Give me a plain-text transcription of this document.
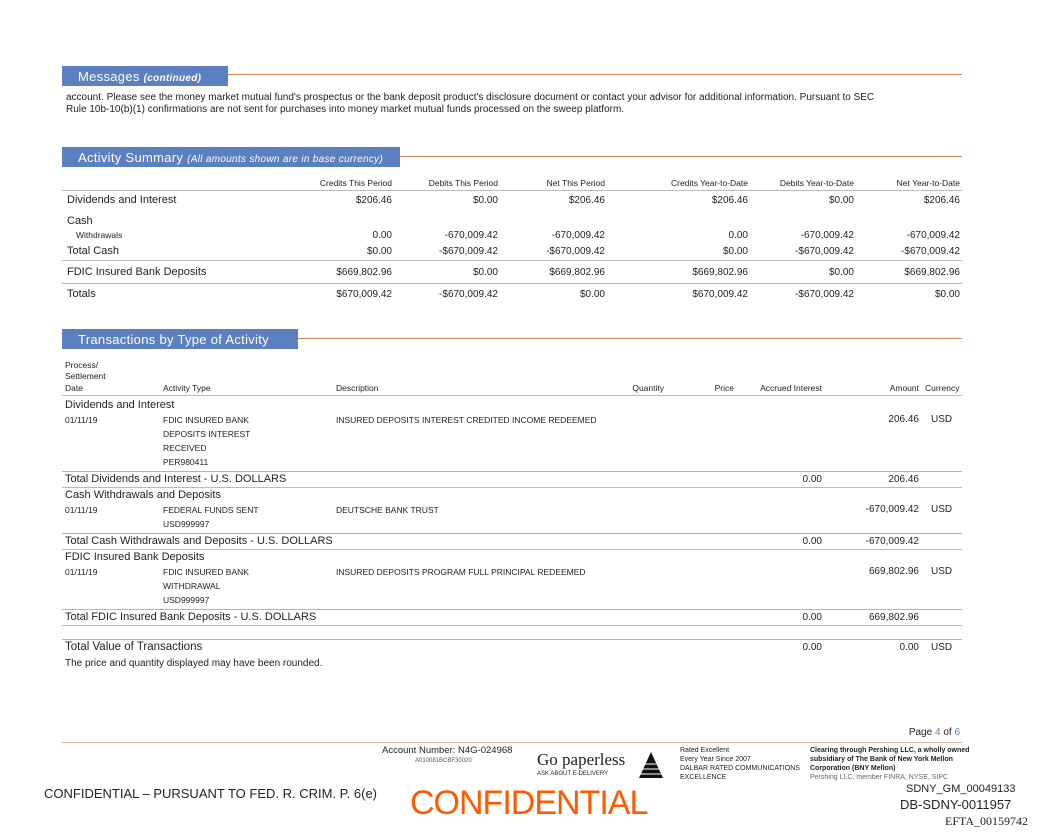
Messages (continued)
account. Please see the money market mutual fund's prospectus or the bank deposit product's disclosure document or contact your advisor for additional information. Pursuant to SEC
Rule 10b-10(b)(1) confirmations are not sent for purchases into money market mutual funds processed on the sweep platform.
Activity Summary (All amounts shown are in base currency)
Credits This Period	Debits This Period	Net This Period	Credits Year-to-Date	Debits Year-to-Date	Net Year-to-Date
Dividends and Interest	$206.46	$0.00	$206.46	$206.46	$0.00	$206.46
Cash
Withdrawals	0.00	-670,009.42	-670,009.42	0.00	-670,009.42	-670,009.42
Total Cash	$0.00	-$670,009.42	-$670,009.42	$0.00	-$670,009.42	-$670,009.42
FDIC Insured Bank Deposits	$669,802.96	$0.00	$669,802.96	$669,802.96	$0.00	$669,802.96
Totals	$670,009.42	-$670,009.42	$0.00	$670,009.42	-$670,009.42	$0.00
Transactions by Type of Activity
Process/
Settlement
Date	Activity Type	Description	Quantity	Price	Accrued Interest	Amount Currency
Dividends and Interest
01/11/19	FDIC INSURED BANK
DEPOSITS INTEREST
RECEIVED
PER980411
INSURED DEPOSITS INTEREST CREDITED INCOME REDEEMED	206.46 USD
Total Dividends and Interest - U.S. DOLLARS	0.00	206.46
Cash Withdrawals and Deposits
01/11/19	FEDERAL FUNDS SENT
USD999997
DEUTSCHE BANK TRUST	-670,009.42 USD
Total Cash Withdrawals and Deposits - U.S. DOLLARS	0.00	-670,009.42
FDIC Insured Bank Deposits
01/11/19	FDIC INSURED BANK
WITHDRAWAL
USD999997
INSURED DEPOSITS PROGRAM FULL PRINCIPAL REDEEMED	669,802.96 USD
Total FDIC Insured Bank Deposits - U.S. DOLLARS	0.00	669,802.96
Total Value of Transactions	0.00	0.00 USD
The price and quantity displayed may have been rounded.
Page 4 of 6
Account Number: N4G-024968
A010081BCBF30020	Go paperless
ASK ABOUT E-DELIVERY
Rated Excellent
Every Year Since 2007
DALBAR RATED COMMUNICATIONS
EXCELLENCE
Clearing through Pershing LLC, a wholly owned
subsidiary of The Bank of New York Mellon
Corporation (BNY Mellon)
Pershing LLC, member FINRA, NYSE, SIPC
CONFIDENTIAL
CONFIDENTIAL – PURSUANT TO FED. R. CRIM. P. 6(e)	SDNY_GM_00049133
DB-SDNY-0011957
EFTA_00159742
